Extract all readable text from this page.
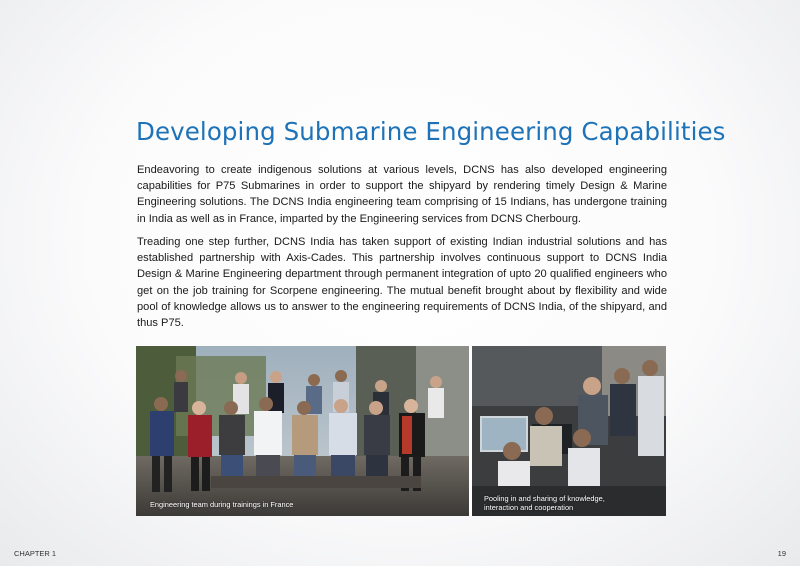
Developing Submarine Engineering Capabilities

Endeavoring to create indigenous solutions at various levels, DCNS has also developed engineering capabilities for P75 Submarines in order to support the shipyard by rendering timely Design & Marine Engineering solutions. The DCNS India engineering team comprising of 15 Indians, has undergone training in India as well as in France, imparted by the Engineering services from DCNS Cherbourg.

Treading one step further, DCNS India has taken support of existing Indian industrial solutions and has established partnership with Axis-Cades. This partnership involves continuous support to DCNS India Design & Marine Engineering department through permanent integration of upto 20 qualified engineers who get on the job training for Scorpene engineering. The mutual benefit brought about by flexibility and wide pool of knowledge allows us to answer to the engineering requirements of DCNS India, of the shipyard, and thus P75.

Engineering team during trainings in France
Pooling in and sharing of knowledge, interaction and cooperation
CHAPTER 1	19
